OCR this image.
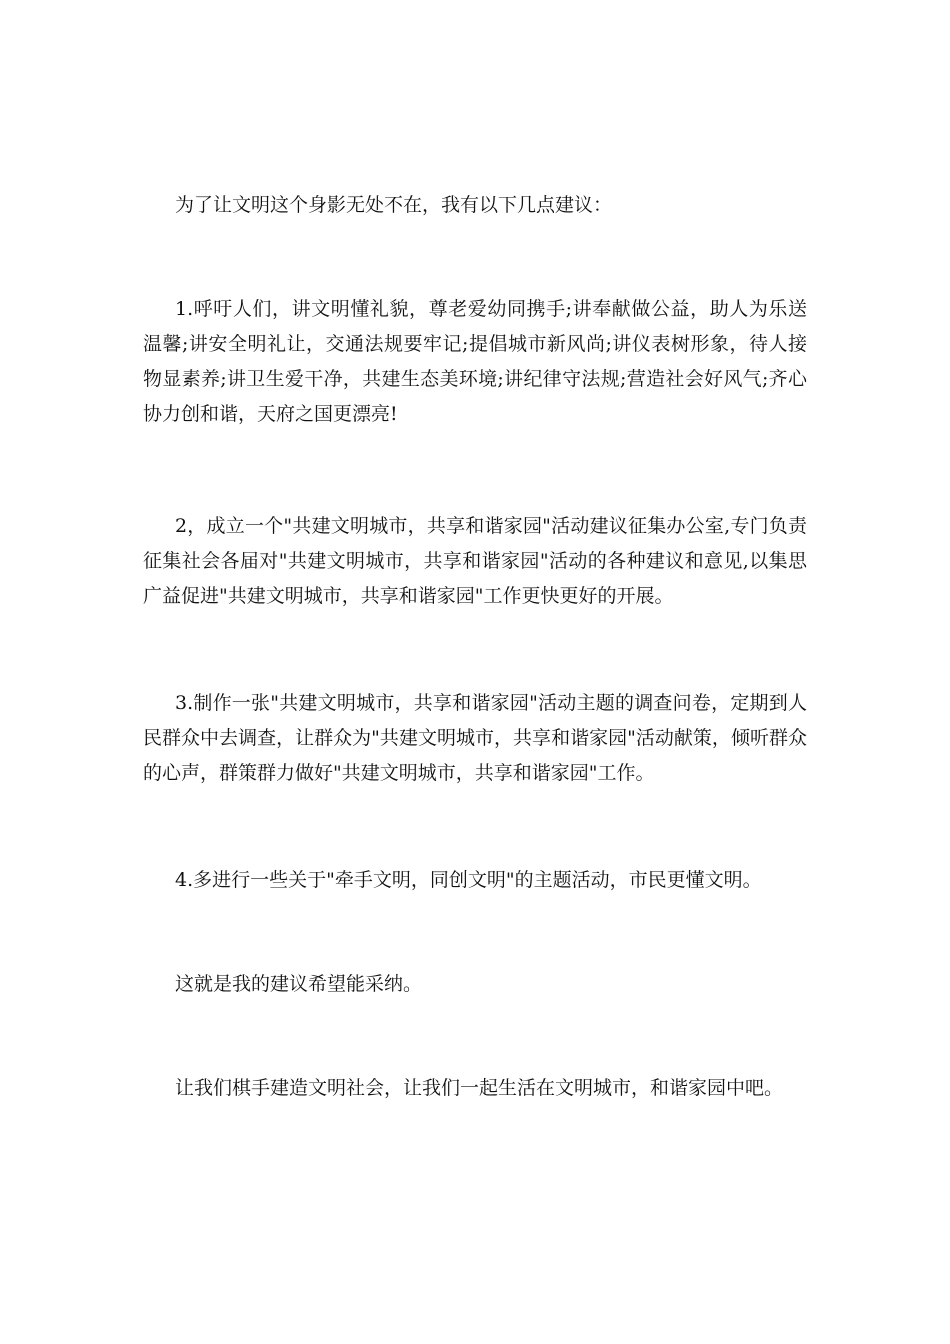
为了让文明这个身影无处不在，我有以下几点建议：

1.呼吁人们，讲文明懂礼貌，尊老爱幼同携手;讲奉献做公益，助人为乐送温馨;讲安全明礼让，交通法规要牢记;提倡城市新风尚;讲仪表树形象，待人接物显素养;讲卫生爱干净，共建生态美环境;讲纪律守法规;营造社会好风气;齐心协力创和谐，天府之国更漂亮!

2，成立一个"共建文明城市，共享和谐家园"活动建议征集办公室,专门负责征集社会各届对"共建文明城市，共享和谐家园"活动的各种建议和意见,以集思广益促进"共建文明城市，共享和谐家园"工作更快更好的开展。

3.制作一张"共建文明城市，共享和谐家园"活动主题的调查问卷，定期到人民群众中去调查，让群众为"共建文明城市，共享和谐家园"活动献策，倾听群众的心声，群策群力做好"共建文明城市，共享和谐家园"工作。

4.多进行一些关于"牵手文明，同创文明"的主题活动，市民更懂文明。

这就是我的建议希望能采纳。

让我们棋手建造文明社会，让我们一起生活在文明城市，和谐家园中吧。
